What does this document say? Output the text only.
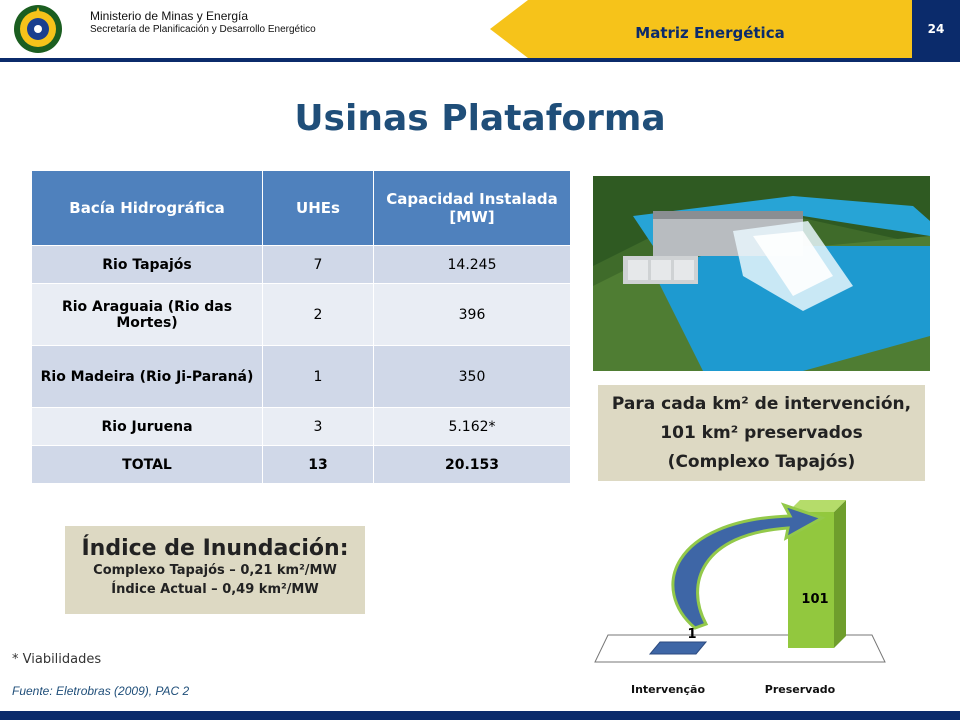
24
Ministerio de Minas y Energía
Secretaría de Planificación y Desarrollo Energético	Matriz Energética
Usinas Plataforma
Bacía Hidrográfica	UHEs	Capacidad Instalada [MW]
Rio Tapajós	7	14.245
Rio Araguaia (Rio das Mortes)	2	396
Rio Madeira (Rio Ji-Paraná)	1	350
Rio Juruena	3	5.162*
TOTAL	13	20.153
Para cada km² de intervención,
101 km² preservados
(Complexo Tapajós)
Índice de Inundación:
Complexo Tapajós – 0,21 km²/MW
Índice Actual – 0,49 km²/MW
* Viabilidades
Fuente: Eletrobras (2009), PAC 2
1
101
Intervenção	Preservado
